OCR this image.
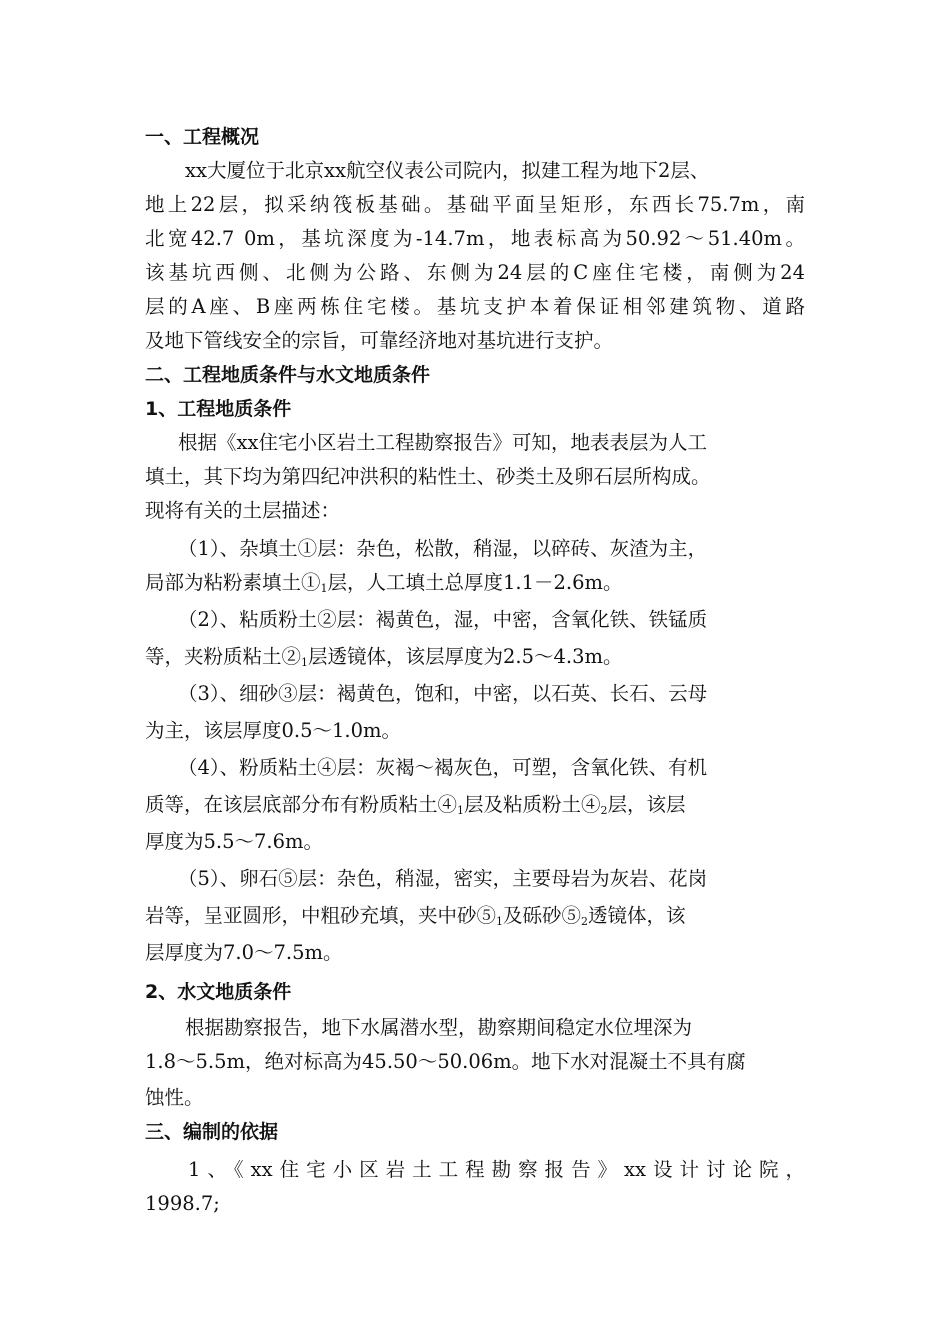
一、工程概况
xx大厦位于北京xx航空仪表公司院内，拟建工程为地下2层、
地上22层，拟采纳筏板基础。基础平面呈矩形，东西长75.7m，南
北宽42.7 0m，基坑深度为-14.7m，地表标高为50.92～51.40m。
该基坑西侧、北侧为公路、东侧为24层的C座住宅楼，南侧为24
层的A座、B座两栋住宅楼。基坑支护本着保证相邻建筑物、道路
及地下管线安全的宗旨，可靠经济地对基坑进行支护。
二、工程地质条件与水文地质条件
1、工程地质条件
根据《xx住宅小区岩土工程勘察报告》可知，地表表层为人工
填土，其下均为第四纪冲洪积的粘性土、砂类土及卵石层所构成。
现将有关的土层描述：
（1）、杂填土①层：杂色，松散，稍湿，以碎砖、灰渣为主，
局部为粘粉素填土$①_1$层，人工填土总厚度1.1－2.6m。
（2）、粘质粉土②层：褐黄色，湿，中密，含氧化铁、铁锰质
等，夹粉质粘土$②_1$层透镜体，该层厚度为2.5～4.3m。
（3）、细砂③层：褐黄色，饱和，中密，以石英、长石、云母
为主，该层厚度0.5～1.0m。
（4）、粉质粘土④层：灰褐～褐灰色，可塑，含氧化铁、有机
质等，在该层底部分布有粉质粘土$④_1$层及粘质粉土$④_2$层，该层
厚度为5.5～7.6m。
（5）、卵石⑤层：杂色，稍湿，密实，主要母岩为灰岩、花岗
岩等，呈亚圆形，中粗砂充填，夹中砂$⑤_1$及砾砂$⑤_2$透镜体，该
层厚度为7.0～7.5m。
2、水文地质条件
根据勘察报告，地下水属潜水型，勘察期间稳定水位埋深为
1.8～5.5m，绝对标高为45.50～50.06m。地下水对混凝土不具有腐
蚀性。
三、编制的依据
1、《xx住宅小区岩土工程勘察报告》xx设计讨论院，
1998.7;
